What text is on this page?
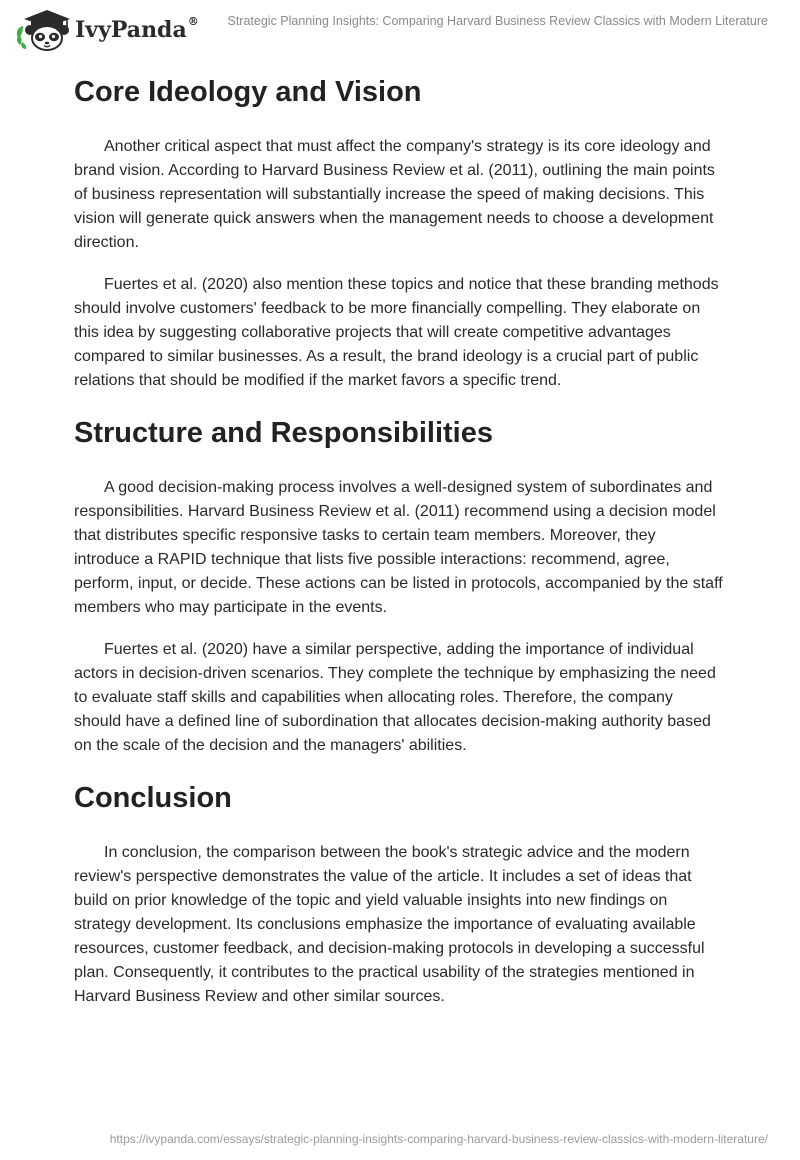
IvyPanda® Strategic Planning Insights: Comparing Harvard Business Review Classics with Modern Literature
Core Ideology and Vision

Another critical aspect that must affect the company's strategy is its core ideology and brand vision. According to Harvard Business Review et al. (2011), outlining the main points of business representation will substantially increase the speed of making decisions. This vision will generate quick answers when the management needs to choose a development direction.

Fuertes et al. (2020) also mention these topics and notice that these branding methods should involve customers' feedback to be more financially compelling. They elaborate on this idea by suggesting collaborative projects that will create competitive advantages compared to similar businesses. As a result, the brand ideology is a crucial part of public relations that should be modified if the market favors a specific trend.

Structure and Responsibilities

A good decision-making process involves a well-designed system of subordinates and responsibilities. Harvard Business Review et al. (2011) recommend using a decision model that distributes specific responsive tasks to certain team members. Moreover, they introduce a RAPID technique that lists five possible interactions: recommend, agree, perform, input, or decide. These actions can be listed in protocols, accompanied by the staff members who may participate in the events.

Fuertes et al. (2020) have a similar perspective, adding the importance of individual actors in decision-driven scenarios. They complete the technique by emphasizing the need to evaluate staff skills and capabilities when allocating roles. Therefore, the company should have a defined line of subordination that allocates decision-making authority based on the scale of the decision and the managers' abilities.

Conclusion

In conclusion, the comparison between the book's strategic advice and the modern review's perspective demonstrates the value of the article. It includes a set of ideas that build on prior knowledge of the topic and yield valuable insights into new findings on strategy development. Its conclusions emphasize the importance of evaluating available resources, customer feedback, and decision-making protocols in developing a successful plan. Consequently, it contributes to the practical usability of the strategies mentioned in Harvard Business Review and other similar sources.

https://ivypanda.com/essays/strategic-planning-insights-comparing-harvard-business-review-classics-with-modern-literature/
